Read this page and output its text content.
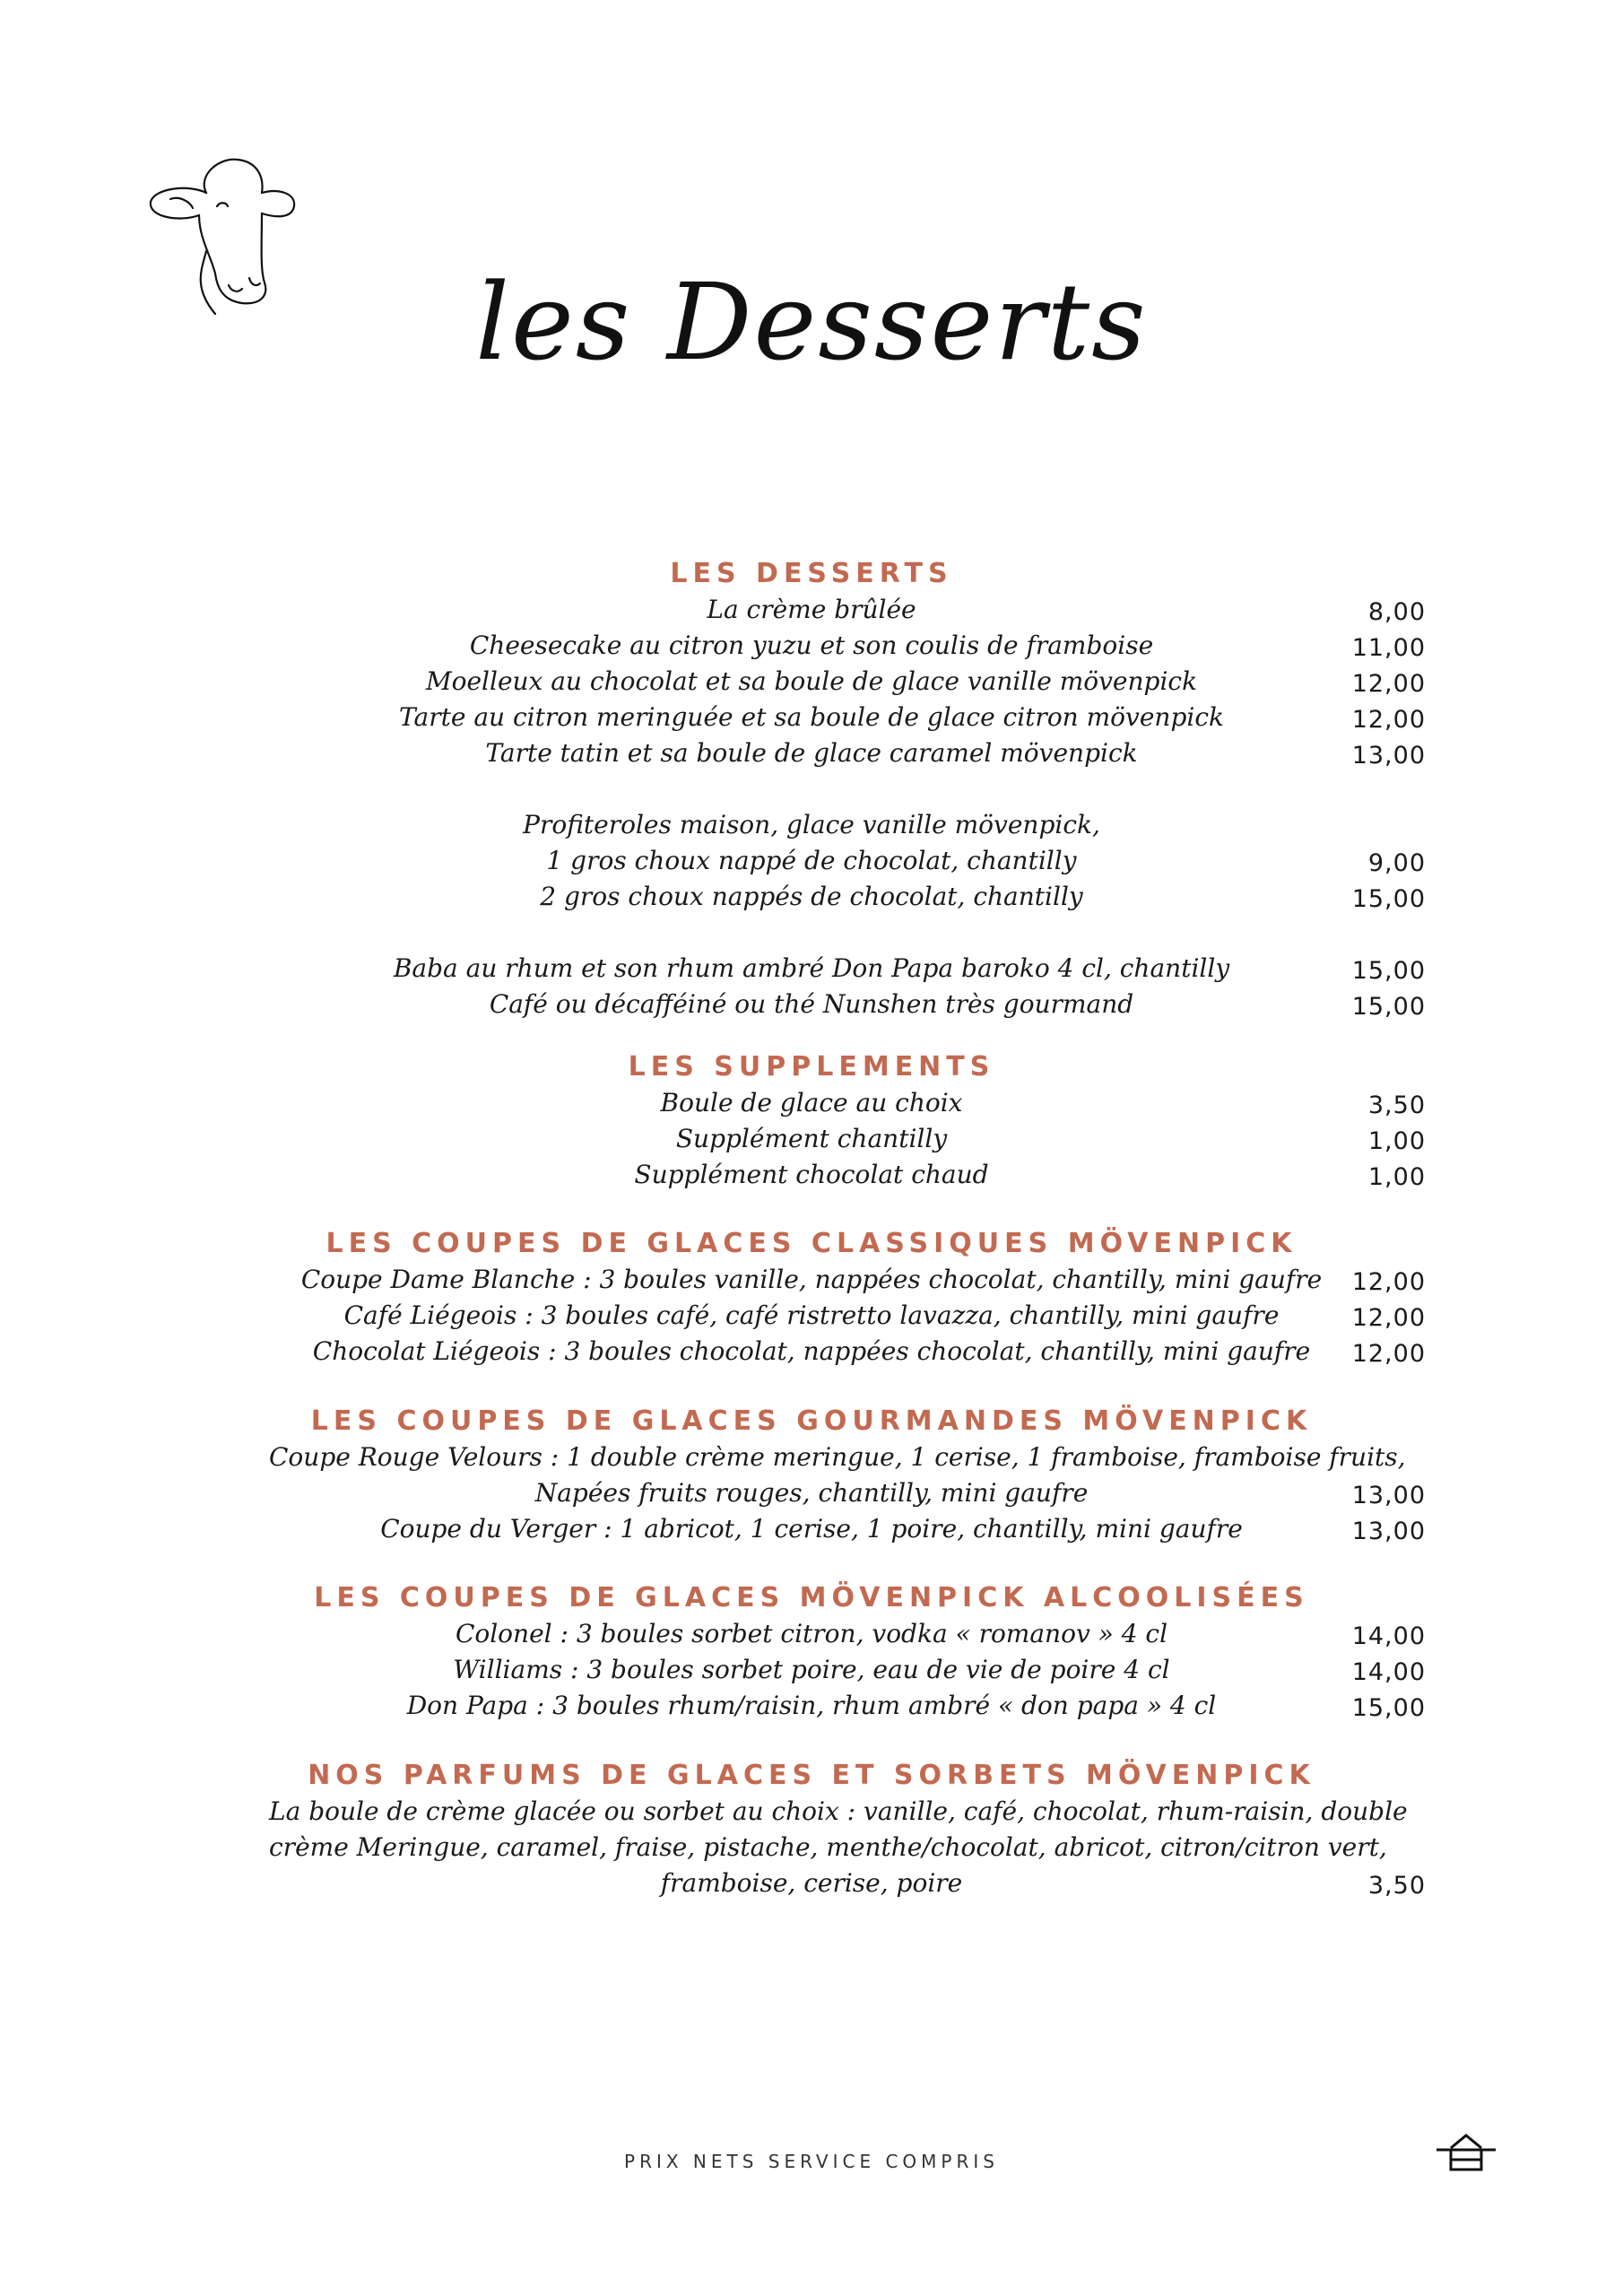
les Desserts
LES DESSERTS
La crème brûlée	8,00
Cheesecake au citron yuzu et son coulis de framboise	11,00
Moelleux au chocolat et sa boule de glace vanille mövenpick	12,00
Tarte au citron meringuée et sa boule de glace citron mövenpick	12,00
Tarte tatin et sa boule de glace caramel mövenpick	13,00
Profiteroles maison, glace vanille mövenpick,
1 gros choux nappé de chocolat, chantilly	9,00
2 gros choux nappés de chocolat, chantilly	15,00
Baba au rhum et son rhum ambré Don Papa baroko 4 cl, chantilly	15,00
Café ou décafféiné ou thé Nunshen très gourmand	15,00
LES SUPPLEMENTS
Boule de glace au choix	3,50
Supplément chantilly	1,00
Supplément chocolat chaud	1,00
LES COUPES DE GLACES CLASSIQUES MÖVENPICK
Coupe Dame Blanche : 3 boules vanille, nappées chocolat, chantilly, mini gaufre	12,00
Café Liégeois : 3 boules café, café ristretto lavazza, chantilly, mini gaufre	12,00
Chocolat Liégeois : 3 boules chocolat, nappées chocolat, chantilly, mini gaufre	12,00
LES COUPES DE GLACES GOURMANDES MÖVENPICK
Coupe Rouge Velours : 1 double crème meringue, 1 cerise, 1 framboise, framboise fruits,
Napées fruits rouges, chantilly, mini gaufre	13,00
Coupe du Verger : 1 abricot, 1 cerise, 1 poire, chantilly, mini gaufre	13,00
LES COUPES DE GLACES MÖVENPICK ALCOOLISÉES
Colonel : 3 boules sorbet citron, vodka « romanov » 4 cl	14,00
Williams : 3 boules sorbet poire, eau de vie de poire 4 cl	14,00
Don Papa : 3 boules rhum/raisin, rhum ambré « don papa » 4 cl	15,00
NOS PARFUMS DE GLACES ET SORBETS MÖVENPICK
La boule de crème glacée ou sorbet au choix : vanille, café, chocolat, rhum-raisin, double
crème Meringue, caramel, fraise, pistache, menthe/chocolat, abricot, citron/citron vert,
framboise, cerise, poire	3,50
PRIX NETS SERVICE COMPRIS
